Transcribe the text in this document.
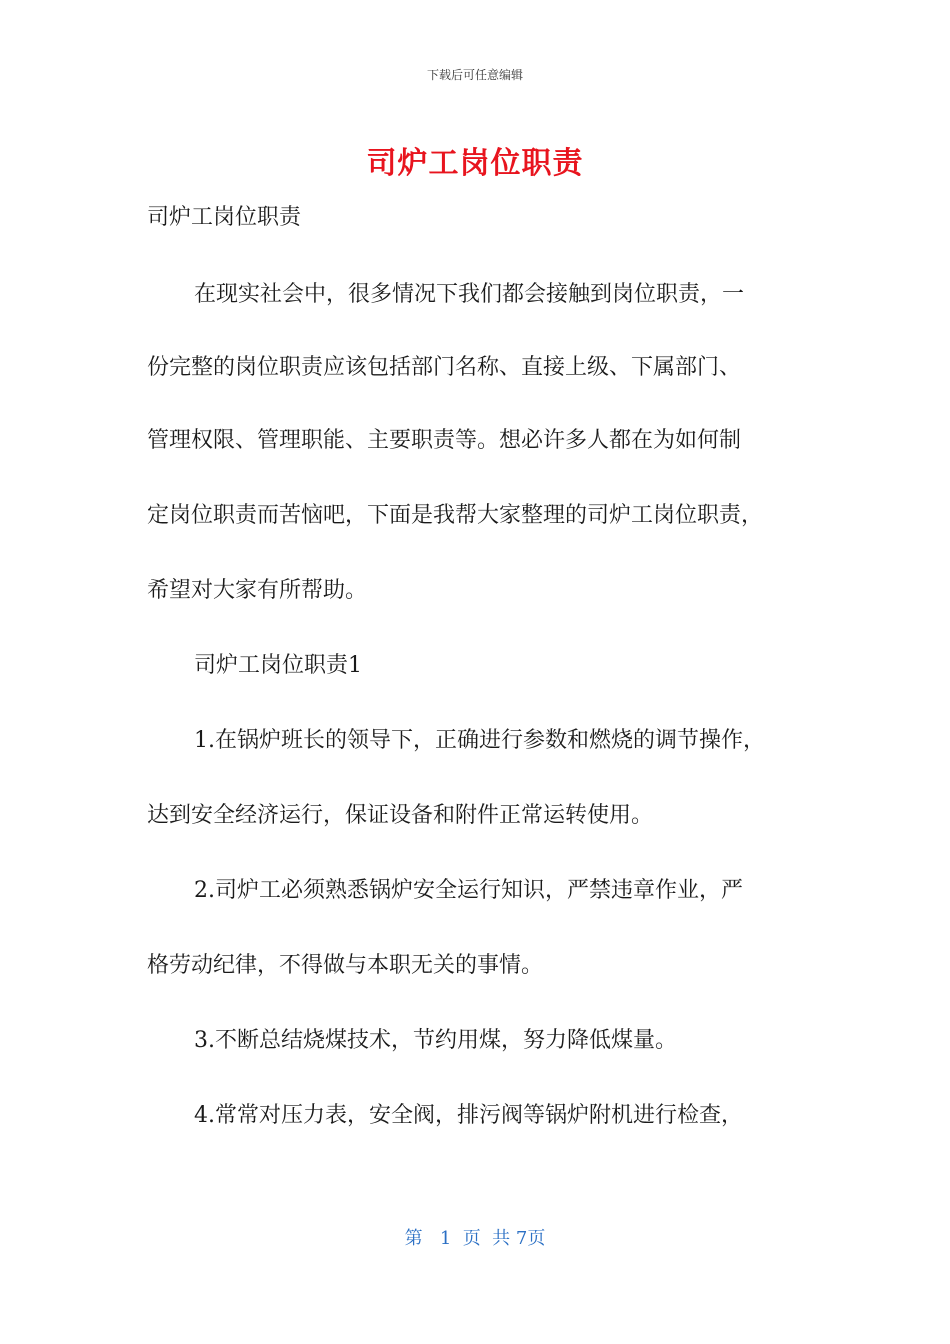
下载后可任意编辑
司炉工岗位职责
司炉工岗位职责
在现实社会中，很多情况下我们都会接触到岗位职责，一
份完整的岗位职责应该包括部门名称、直接上级、下属部门、
管理权限、管理职能、主要职责等。想必许多人都在为如何制
定岗位职责而苦恼吧，下面是我帮大家整理的司炉工岗位职责，
希望对大家有所帮助。
司炉工岗位职责1
1.在锅炉班长的领导下，正确进行参数和燃烧的调节操作，
达到安全经济运行，保证设备和附件正常运转使用。
2.司炉工必须熟悉锅炉安全运行知识，严禁违章作业，严
格劳动纪律，不得做与本职无关的事情。
3.不断总结烧煤技术，节约用煤，努力降低煤量。
4.常常对压力表，安全阀，排污阀等锅炉附机进行检查，
第   1  页  共 7页
